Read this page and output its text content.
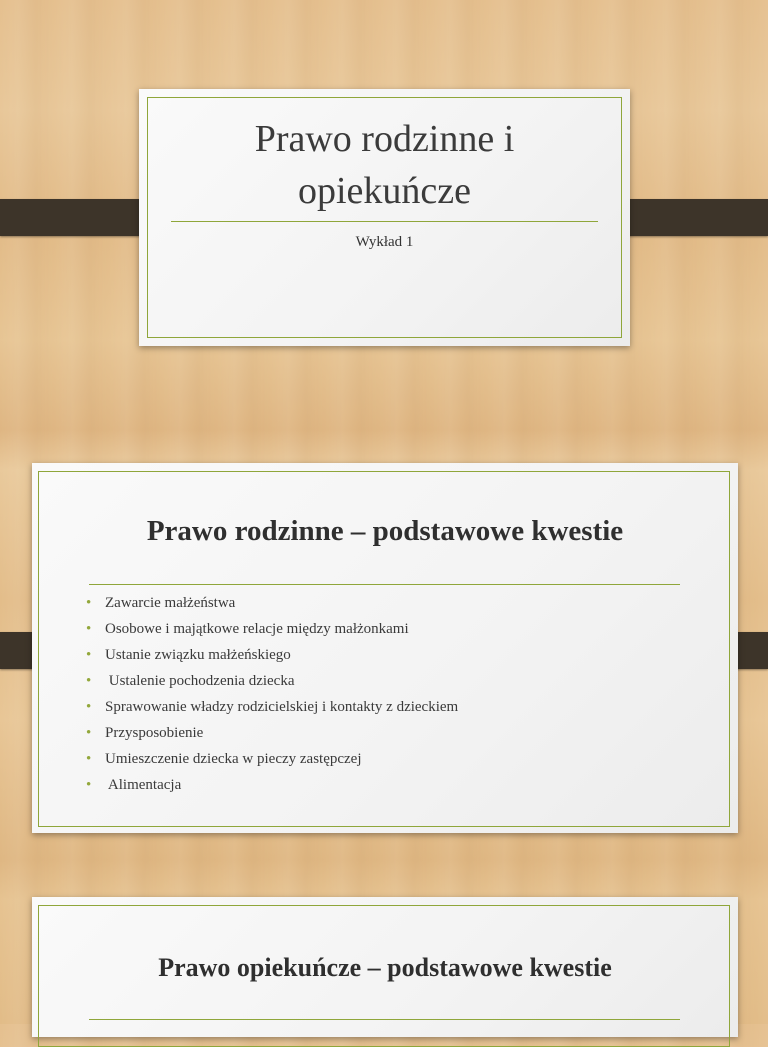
Prawo rodzinne i
opiekuńcze
Wykład 1
Prawo rodzinne – podstawowe kwestie
• Zawarcie małżeństwa
• Osobowe i majątkowe relacje między małżonkami
• Ustanie związku małżeńskiego
• Ustalenie pochodzenia dziecka
• Sprawowanie władzy rodzicielskiej i kontakty z dzieckiem
• Przysposobienie
• Umieszczenie dziecka w pieczy zastępczej
• Alimentacja
Prawo opiekuńcze – podstawowe kwestie
